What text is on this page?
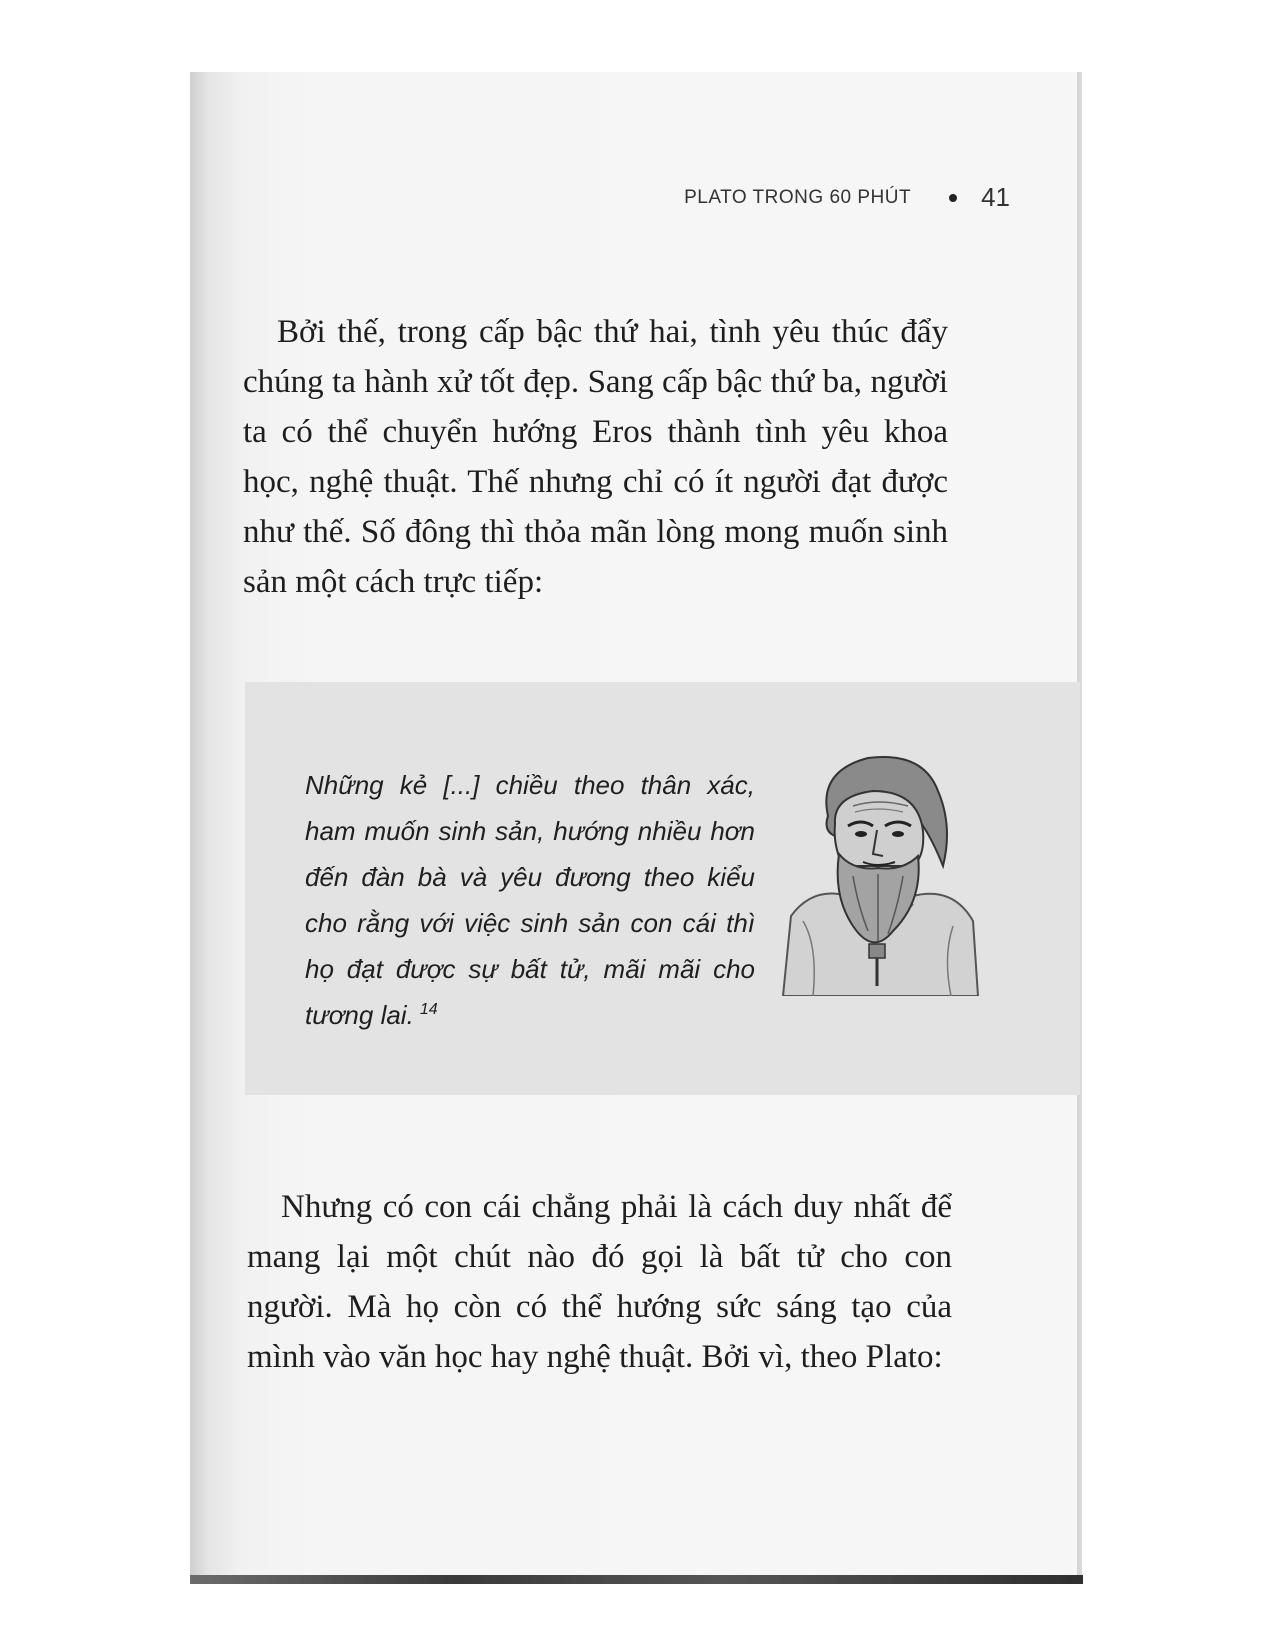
PLATO TRONG 60 PHÚT	41

Bởi thế, trong cấp bậc thứ hai, tình yêu thúc đẩy chúng ta hành xử tốt đẹp. Sang cấp bậc thứ ba, người ta có thể chuyển hướng Eros thành tình yêu khoa học, nghệ thuật. Thế nhưng chỉ có ít người đạt được như thế. Số đông thì thỏa mãn lòng mong muốn sinh sản một cách trực tiếp:

Những kẻ [...] chiều theo thân xác, ham muốn sinh sản, hướng nhiều hơn đến đàn bà và yêu đương theo kiểu cho rằng với việc sinh sản con cái thì họ đạt được sự bất tử, mãi mãi cho tương lai. $^{14}$

Nhưng có con cái chẳng phải là cách duy nhất để mang lại một chút nào đó gọi là bất tử cho con người. Mà họ còn có thể hướng sức sáng tạo của mình vào văn học hay nghệ thuật. Bởi vì, theo Plato:
